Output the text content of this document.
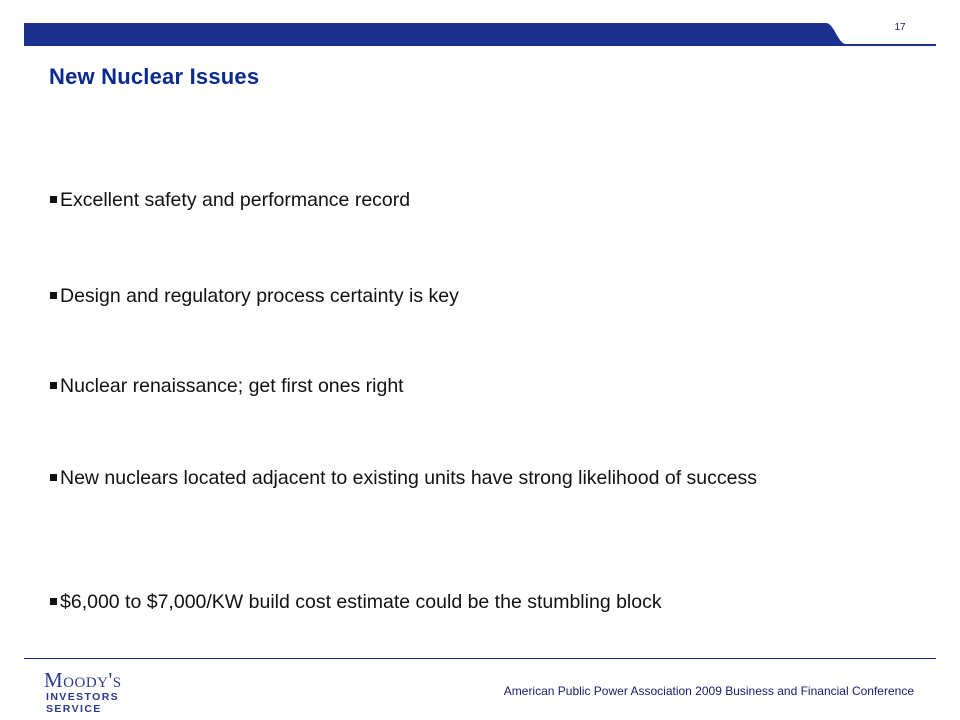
17
New Nuclear Issues
Excellent safety and performance record
Design and regulatory process certainty is key
Nuclear renaissance; get first ones right
New nuclears located adjacent to existing units have strong likelihood of success
$6,000 to $7,000/KW build cost estimate could be the stumbling block
Moody's
INVESTORS SERVICE
American Public Power Association 2009 Business and Financial Conference
